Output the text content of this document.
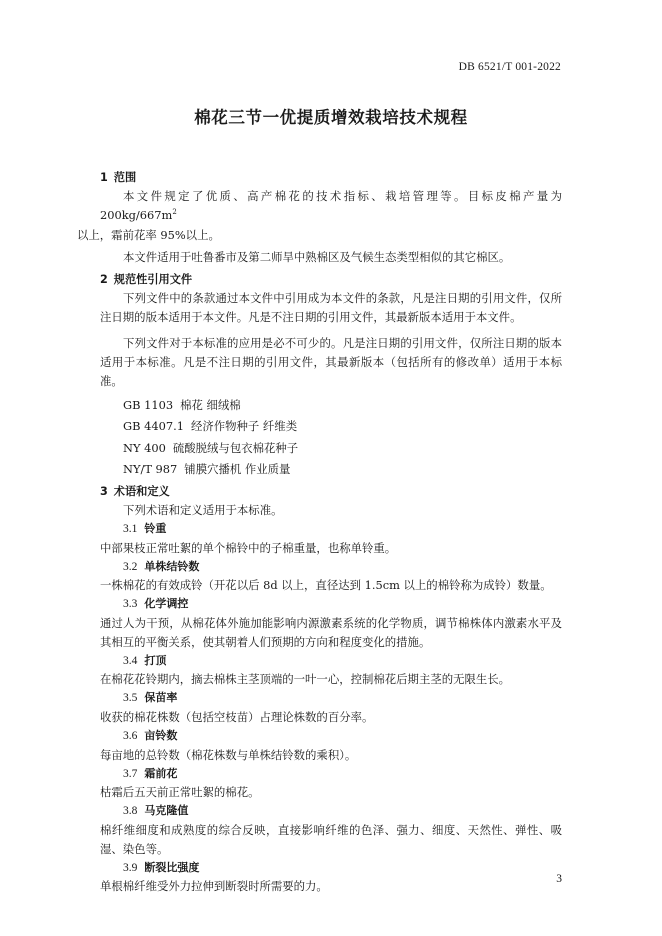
DB 6521/T 001-2022
棉花三节一优提质增效栽培技术规程
1 范围

本文件规定了优质、高产棉花的技术指标、栽培管理等。目标皮棉产量为$200kg/667m^2$
以上，霜前花率 95%以上。

本文件适用于吐鲁番市及第二师旱中熟棉区及气候生态类型相似的其它棉区。

2 规范性引用文件

下列文件中的条款通过本文件中引用成为本文件的条款，凡是注日期的引用文件，仅所注日期的版本适用于本文件。凡是不注日期的引用文件，其最新版本适用于本文件。

下列文件对于本标准的应用是必不可少的。凡是注日期的引用文件，仅所注日期的版本适用于本标准。凡是不注日期的引用文件，其最新版本（包括所有的修改单）适用于本标准。

GB 1103 棉花 细绒棉
GB 4407.1 经济作物种子 纤维类
NY 400 硫酸脱绒与包衣棉花种子
NY/T 987 铺膜穴播机 作业质量
3 术语和定义

下列术语和定义适用于本标准。

3.1 铃重

中部果枝正常吐絮的单个棉铃中的子棉重量，也称单铃重。

3.2 单株结铃数

一株棉花的有效成铃（开花以后 8d 以上，直径达到 1.5cm 以上的棉铃称为成铃）数量。

3.3 化学调控

通过人为干预，从棉花体外施加能影响内源激素系统的化学物质，调节棉株体内激素水平及其相互的平衡关系，使其朝着人们预期的方向和程度变化的措施。

3.4 打顶

在棉花花铃期内，摘去棉株主茎顶端的一叶一心，控制棉花后期主茎的无限生长。

3.5 保苗率

收获的棉花株数（包括空枝苗）占理论株数的百分率。

3.6 亩铃数

每亩地的总铃数（棉花株数与单株结铃数的乘积）。

3.7 霜前花

枯霜后五天前正常吐絮的棉花。

3.8 马克隆值

棉纤维细度和成熟度的综合反映，直接影响纤维的色泽、强力、细度、天然性、弹性、吸湿、染色等。

3.9 断裂比强度

单根棉纤维受外力拉伸到断裂时所需要的力。

3
